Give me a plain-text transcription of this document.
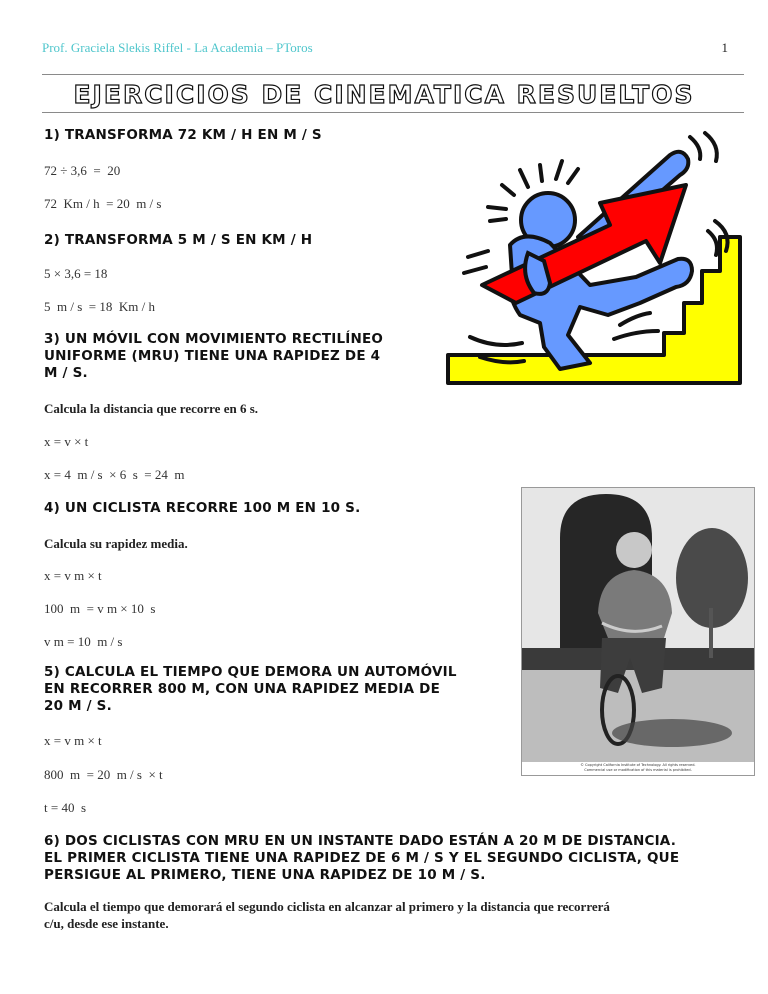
Prof. Graciela Slekis Riffel - La Academia – PToros	1
EJERCICIOS DE CINEMATICA RESUELTOS
1) TRANSFORMA 72 KM / H EN M / S
72 ÷ 3,6  =  20
72  Km / h  = 20  m / s
2) TRANSFORMA 5 M / S EN KM / H
5 × 3,6 = 18
5  m / s  = 18  Km / h
3) UN MÓVIL CON MOVIMIENTO RECTILÍNEO
UNIFORME (MRU) TIENE UNA RAPIDEZ DE 4
M / S.
Calcula la distancia que recorre en 6 s.
x = v × t
x = 4  m / s  × 6  s  = 24  m
4) UN CICLISTA RECORRE 100 M EN 10 S.
Calcula su rapidez media.
x = v m × t
100  m  = v m × 10  s
v m = 10  m / s
5) CALCULA EL TIEMPO QUE DEMORA UN AUTOMÓVIL
EN RECORRER 800 M, CON UNA RAPIDEZ MEDIA DE
20 M / S.
x = v m × t
800  m  = 20  m / s  × t
t = 40  s
6) DOS CICLISTAS CON MRU EN UN INSTANTE DADO ESTÁN A 20 M DE DISTANCIA.
EL PRIMER CICLISTA TIENE UNA RAPIDEZ DE 6 M / S Y EL SEGUNDO CICLISTA, QUE
PERSIGUE AL PRIMERO, TIENE UNA RAPIDEZ DE 10 M / S.
Calcula el tiempo que demorará el segundo ciclista en alcanzar al primero y la distancia que recorrerá
c/u, desde ese instante.
© Copyright California Institute of Technology. All rights reserved.
Commercial use or modification of this material is prohibited.
